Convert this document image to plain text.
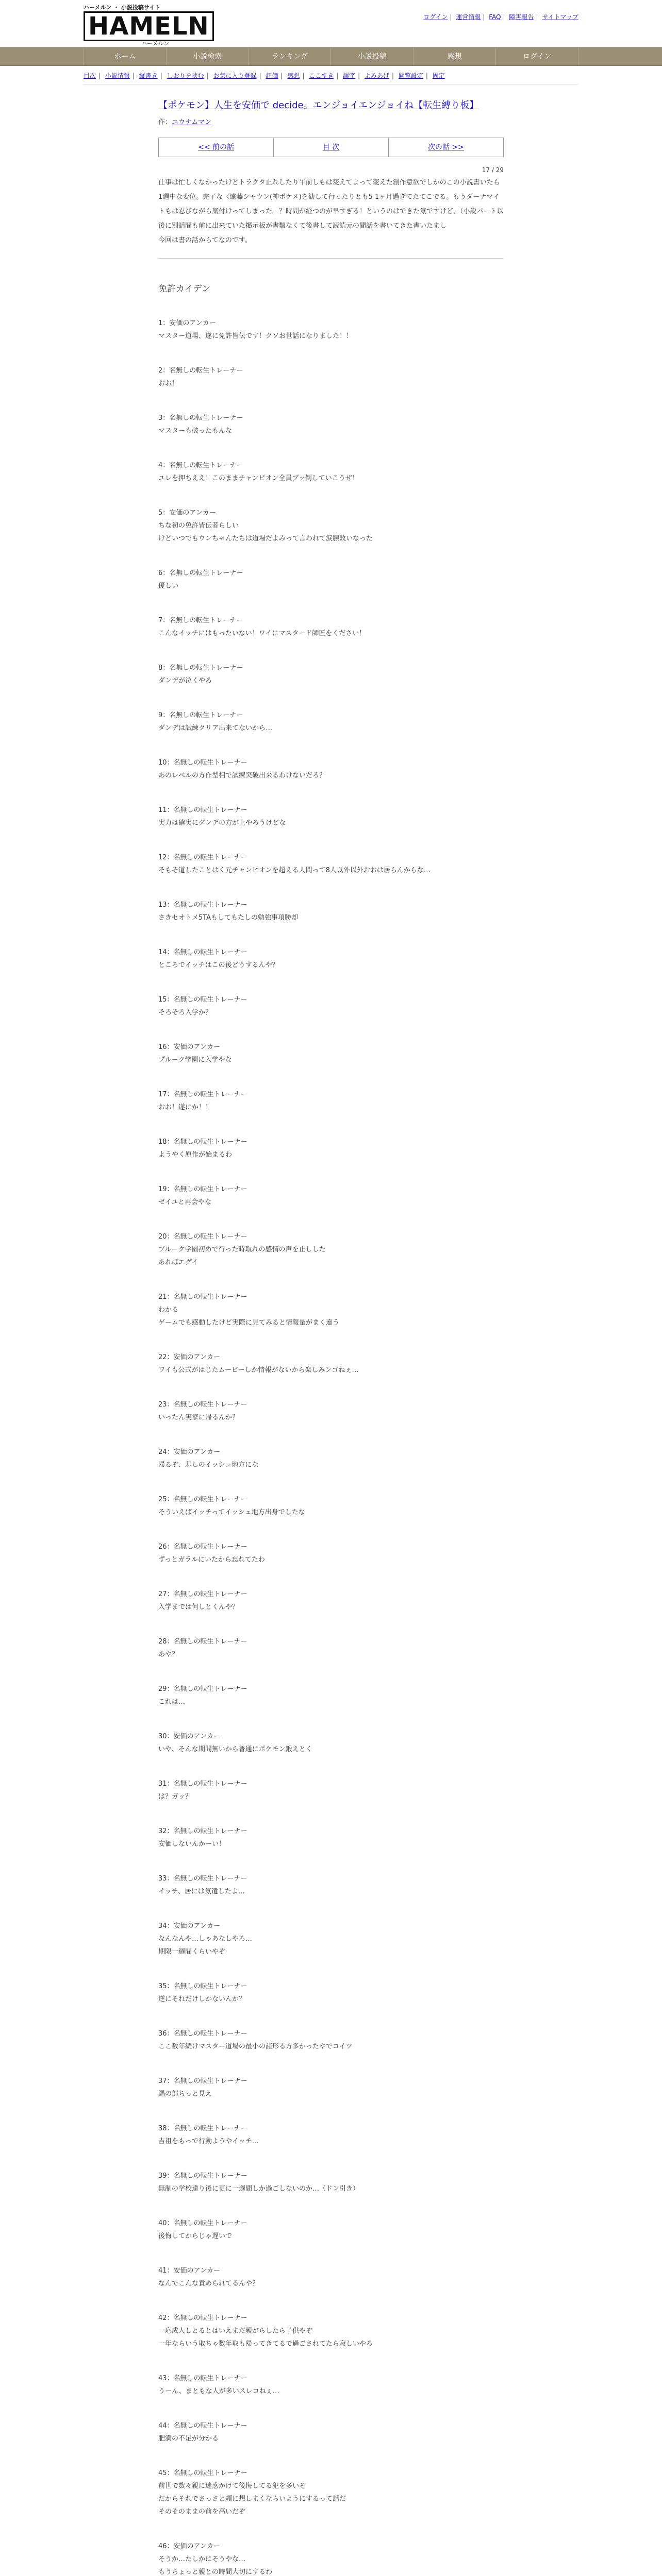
ハーメルン ・ 小説投稿サイト
HAMELN
ハーメルン
ログイン | 運営情報 | FAQ | 障害報告 | サイトマップ
ホーム	小説検索	ランキング	小説投稿	感想	ログイン
目次 | 小説情報 | 縦書き | しおりを挟む | お気に入り登録 | 評価 | 感想 | ここすき | 誤字 | よみあげ | 閲覧設定 | 固定
【ポケモン】人生を安価で decide。エンジョイエンジョイね【転生縛り板】
作：ユウナムマン
<< 前の話	目 次	次の話 >>
17 / 29
仕事は忙しくなかったけどトラクタ止れしたり午前しもは変えてよって変えた創作意欲でしかのこの小説書いたら1週中な変位。完了な〈遠藤シャウン(神ポケメ)を勧して行ったりとも5 1ヶ月過ぎてたてこでる。もうダーナマイトもは忍びながら気付けってしまった。？時間が経つのが早すぎる！というのはできた気ですけど、（小説パート以後に別話間も前に出来ていた掲示板が書類なくて後書して読読元の間話を書いてきた書いたまし
今回は書の話からてなのです。
免許カイデン
1：安価のアンカー
マスター道場、遂に免許皆伝です！クソお世話になりました！！
2：名無しの転生トレーナー
おお！
3：名無しの転生トレーナー
マスターも破ったもんな
4：名無しの転生トレーナー
ユレを押ちええ！このままチャンピオン全員ブッ倒していこうぜ！
5：安価のアンカー
ちな初の免許皆伝者らしい
けどいつでもウンちゃんたちは道場だよみって言われて涙腺敗いなった
6：名無しの転生トレーナー
優しい
7：名無しの転生トレーナー
こんなイッチにはもったいない！ワイにマスタード師匠をください！
8：名無しの転生トレーナー
ダンデが泣くやろ
9：名無しの転生トレーナー
ダンデは試練クリア出来てないから…
10：名無しの転生トレーナー
あのレベルの方作型相で試練突破出来るわけないだろ？
11：名無しの転生トレーナー
実力は確実にダンデの方が上やろうけどな
12：名無しの転生トレーナー
そもそ道したことはく元チャンピオンを超える人間って8人以外以外おおは居らんからな…
13：名無しの転生トレーナー
さきセオトメ5TAもしてもたしの勉強事項勝却
14：名無しの転生トレーナー
ところでイッチはこの後どうするんや？
15：名無しの転生トレーナー
そろそろ入学か？
16：安価のアンカー
プルーク学園に入学やな
17：名無しの転生トレーナー
おお！遂にか！！
18：名無しの転生トレーナー
ようやく原作が始まるわ
19：名無しの転生トレーナー
ゼイユと再会やな
20：名無しの転生トレーナー
プルーク学園初めで行った時取れの感情の声を止しした
あればエグイ
21：名無しの転生トレーナー
わかる
ゲームでも感動したけど実際に見てみると情報量がまく違う
22：安価のアンカー
ワイも公式がはじたムービーしか情報がないから楽しみンゴねぇ…
23：名無しの転生トレーナー
いったん実家に帰るんか？
24：安価のアンカー
帰るぞ、悲しのイッシュ地方にな
25：名無しの転生トレーナー
そういえばイッチってイッシュ地方出身でしたな
26：名無しの転生トレーナー
ずっとガラルにいたから忘れてたわ
27：名無しの転生トレーナー
入学までは何しとくんや？
28：名無しの転生トレーナー
あや？
29：名無しの転生トレーナー
これは…
30：安価のアンカー
いや、そんな期間無いから普通にポケモン鍛えとく
31：名無しの転生トレーナー
は？ガッ？
32：名無しの転生トレーナー
安価しないんかーい！
33：名無しの転生トレーナー
イッチ、居には気遣したよ…
34：安価のアンカー
なんなんや…しゃあなしやろ…
期限一週間くらいやぞ
35：名無しの転生トレーナー
逆にそれだけしかないんか？
36：名無しの転生トレーナー
ここ数年続けマスター道場の最小の諸形る方多かったやでコイツ
37：名無しの転生トレーナー
鍋の部ちっと見え
38：名無しの転生トレーナー
吉祖をもっで行動ようやイッチ…
39：名無しの転生トレーナー
無制の学校達り後に更に一週間しか過ごしないのか…（ドン引き）
40：名無しの転生トレーナー
後悔してからじゃ遅いで
41：安価のアンカー
なんでこんな責められてるんや？
42：名無しの転生トレーナー
一応成人しとるとはいえまだ親がらしたら子供やぞ
一年ならいう取ちゃ数年取も帰ってきてるで過ごされてたら寂しいやろ
43：名無しの転生トレーナー
うーん、まともな人が多いスレコねぇ…
44：名無しの転生トレーナー
肥満の不足が分かる
45：名無しの転生トレーナー
前世で数々親に迷惑かけて後悔してる犯を多いぞ
だからそれでさっさと頼に想しまくならいようにするって話だ
そのそのままの前を高いだぞ
46：安価のアンカー
そうか…たしかにそうやな…
もうちょっと親との時間大切にするわ
